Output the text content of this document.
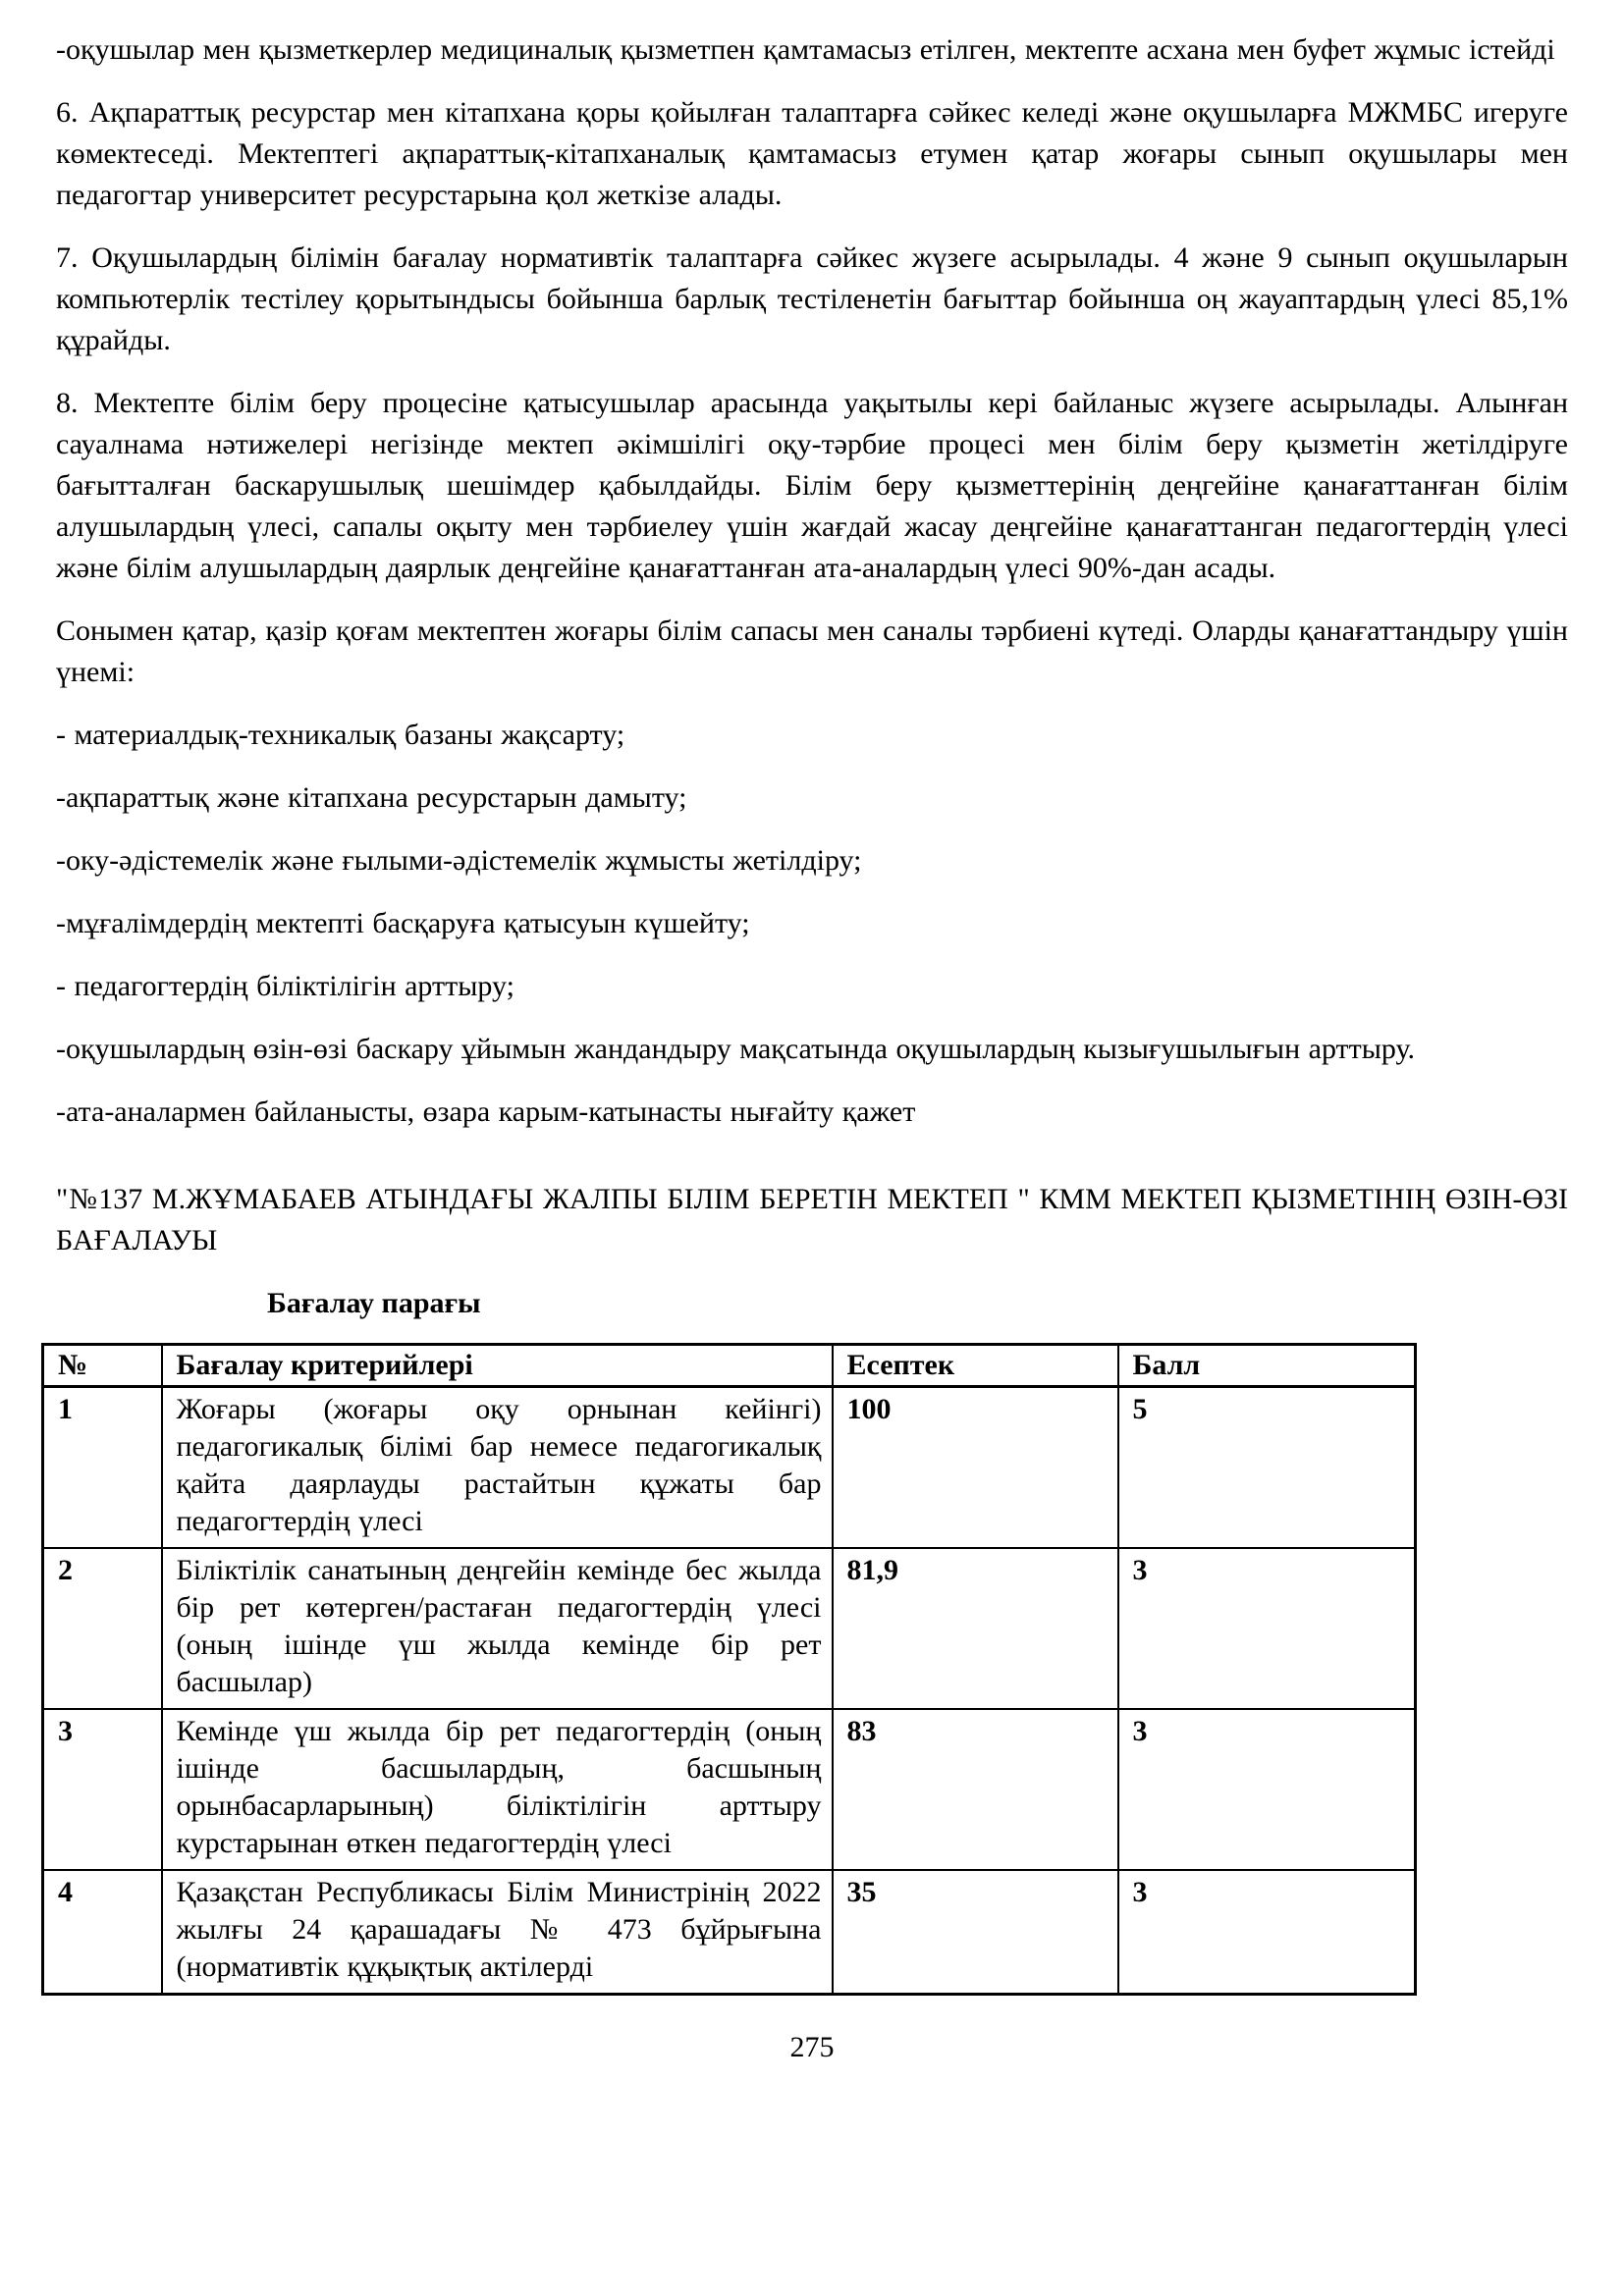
-оқушылар мен қызметкерлер медициналық қызметпен қамтамасыз етілген, мектепте асхана мен буфет жұмыс істейді

6. Ақпараттық ресурстар мен кітапхана қоры қойылған талаптарға сәйкес келеді және оқушыларға МЖМБС игеруге көмектеседі. Мектептегі ақпараттық-кітапханалық қамтамасыз етумен қатар жоғары сынып оқушылары мен педагогтар университет ресурстарына қол жеткізе алады.

7. Оқушылардың білімін бағалау нормативтік талаптарға сәйкес жүзеге асырылады. 4 және 9 сынып оқушыларын компьютерлік тестілеу қорытындысы бойынша барлық тестіленетін бағыттар бойынша оң жауаптардың үлесі 85,1% құрайды.

8. Мектепте білім беру процесіне қатысушылар арасында уақытылы кері байланыс жүзеге асырылады. Алынған сауалнама нәтижелері негізінде мектеп әкімшілігі оқу-тәрбие процесі мен білім беру қызметін жетілдіруге бағытталған баскарушылық шешімдер қабылдайды. Білім беру қызметтерінің деңгейіне қанағаттанған білім алушылардың үлесі, сапалы оқыту мен тәрбиелеу үшін жағдай жасау деңгейіне қанағаттанган педагогтердің үлесі және білім алушылардың даярлык деңгейіне қанағаттанған ата-аналардың үлесі 90%-дан асады.

Сонымен қатар, қазір қоғам мектептен жоғары білім сапасы мен саналы тәрбиені күтеді. Оларды қанағаттандыру үшін үнемі:

- материалдық-техникалық базаны жақсарту;

-ақпараттық және кітапхана ресурстарын дамыту;

-оку-әдістемелік және ғылыми-әдістемелік жұмысты жетілдіру;

-мұғалімдердің мектепті басқаруға қатысуын күшейту;

- педагогтердің біліктілігін арттыру;

-оқушылардың өзін-өзі баскару ұйымын жандандыру мақсатында оқушылардың кызығушылығын арттыру.

-ата-аналармен байланысты, өзара карым-катынасты нығайту қажет

"№137 М.ЖҰМАБАЕВ АТЫНДАҒЫ ЖАЛПЫ БІЛІМ БЕРЕТІН МЕКТЕП " КММ МЕКТЕП ҚЫЗМЕТІНІҢ ӨЗІН-ӨЗІ БАҒАЛАУЫ

Бағалау парағы

№	Бағалау критерийлері	Есептек	Балл
1	Жоғары (жоғары оқу орнынан кейінгі) педагогикалық білімі бар немесе педагогикалық қайта даярлауды растайтын құжаты бар педагогтердің үлесі	100	5
2	Біліктілік санатының деңгейін кемінде бес жылда бір рет көтерген/растаған педагогтердің үлесі (оның ішінде үш жылда кемінде бір рет басшылар)	81,9	3
3	Кемінде үш жылда бір рет педагогтердің (оның ішінде басшылардың, басшының орынбасарларының) біліктілігін арттыру курстарынан өткен педагогтердің үлесі	83	3
4	Қазақстан Республикасы Білім Министрінің 2022 жылғы 24 қарашадағы № 473 бұйрығына (нормативтік құқықтық актілерді	35	3
275
